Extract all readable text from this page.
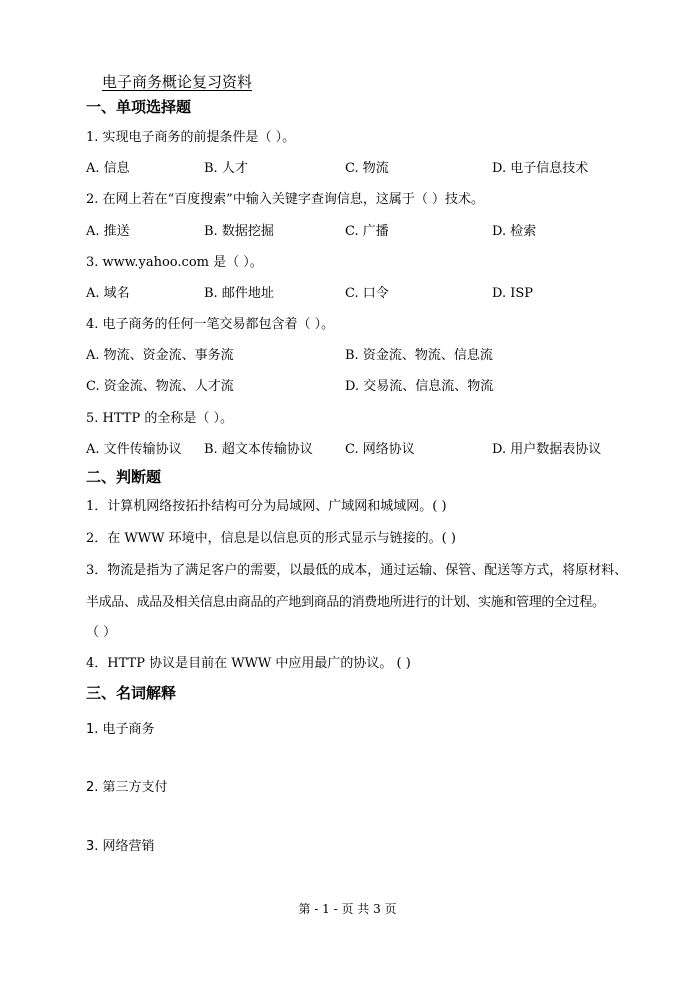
电子商务概论复习资料
一、单项选择题
1. 实现电子商务的前提条件是（ ）。
A. 信息	B. 人才	C. 物流	D. 电子信息技术
2. 在网上若在“百度搜索”中输入关键字查询信息，这属于（ ）技术。
A. 推送	B. 数据挖掘	C. 广播	D. 检索
3. www.yahoo.com 是（ ）。
A. 域名	B. 邮件地址	C. 口令	D. ISP
4. 电子商务的任何一笔交易都包含着（ ）。
A. 物流、资金流、事务流	B. 资金流、物流、信息流
C. 资金流、物流、人才流	D. 交易流、信息流、物流
5. HTTP 的全称是（ ）。
A. 文件传输协议 B. 超文本传输协议 C. 网络协议	D. 用户数据表协议
二、判断题
1．计算机网络按拓扑结构可分为局域网、广域网和城域网。( )
2．在 WWW 环境中，信息是以信息页的形式显示与链接的。( )
3．物流是指为了满足客户的需要，以最低的成本，通过运输、保管、配送等方式，将原材料、
半成品、成品及相关信息由商品的产地到商品的消费地所进行的计划、实施和管理的全过程。
（ ）
4．HTTP 协议是目前在 WWW 中应用最广的协议。 ( )
三、名词解释
1. 电子商务
2. 第三方支付
3. 网络营销
第 - 1 - 页 共 3 页
